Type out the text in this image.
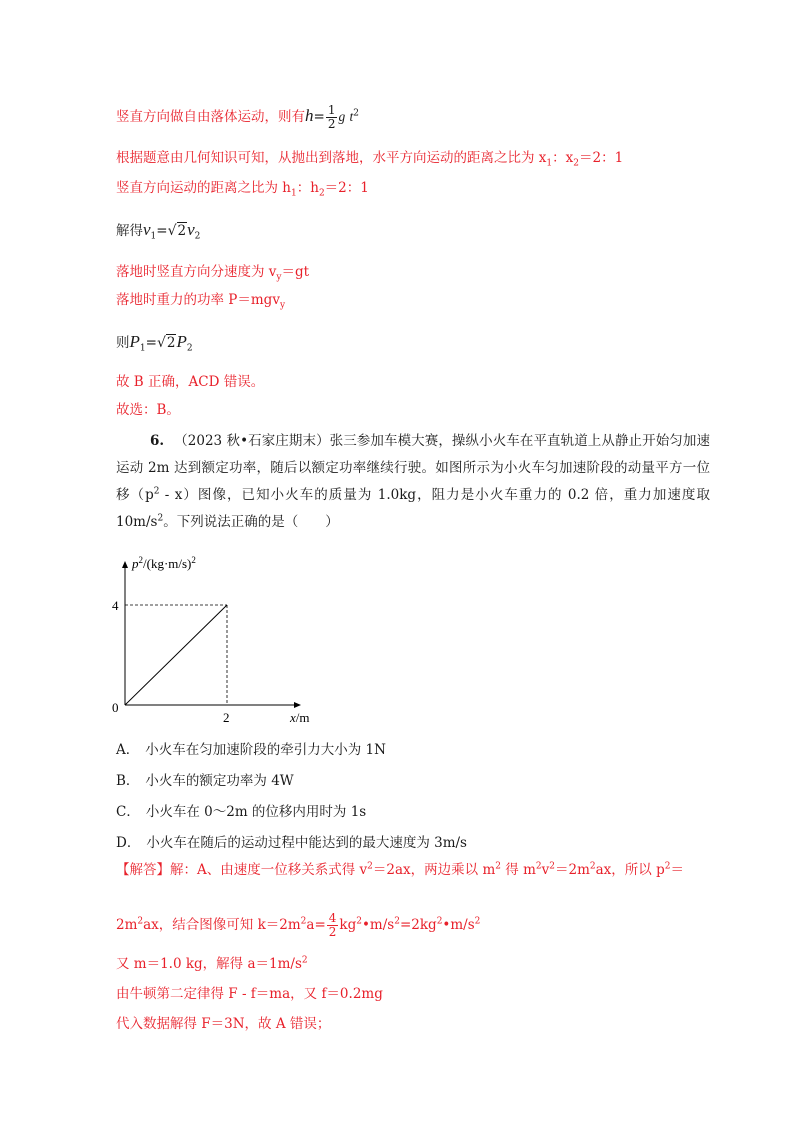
竖直方向做自由落体运动，则有$h= \frac{1}{2}$ g $t^2$
根据题意由几何知识可知，从抛出到落地，水平方向运动的距离之比为 $x_1$：$x_2=2$：1
竖直方向运动的距离之比为 $h_1$：$h_2=2$：1
解得$v_1=√2v_2$
落地时竖直方向分速度为 $v_y=gt$
落地时重力的功率 P＝mgv$_y$
则$P_1=√2P_2$
故 B 正确，ACD 错误。
故选：B。
6. （2023 秋•石家庄期末）张三参加车模大赛，操纵小火车在平直轨道上从静止开始匀加速运动 2m 达到额定功率，随后以额定功率继续行驶。如图所示为小火车匀加速阶段的动量平方一位移$(p^2 - x)$图像，已知小火车的质量为 1.0kg，阻力是小火车重力的 0.2 倍，重力加速度取 $10m/s^2$。下列说法正确的是（　　）
$p^2/(kg\cdot m/s)^2$
4
2
0
x/m
A． 小火车在匀加速阶段的牵引力大小为 1N
B． 小火车的额定功率为 4W
C． 小火车在 0～2m 的位移内用时为 1s
D． 小火车在随后的运动过程中能达到的最大速度为 3m/s
【解答】解：A、由速度一位移关系式得 $v^2=2ax$，两边乘以 $m^2$ 得 $m^2v^2=2m^2ax$，所以 $p^2=$
$2m^2ax$，结合图像可知 $k=2m^2a= \frac{4}{2}$ $kg^2•m/s^2=2kg^2•m/s^2$
又 m＝1.0 kg，解得 $a=1m/s^2$
由牛顿第二定律得 F - f＝ma，又 f＝0.2mg
代入数据解得 F＝3N，故 A 错误；
